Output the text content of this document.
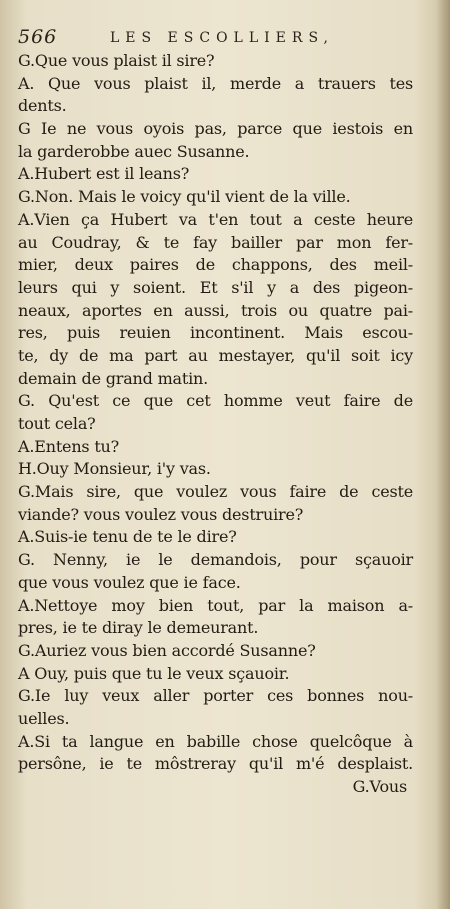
566	LES ESCOLLIERS,
G.Que vous plaist il sire?
A. Que vous plaist il, merde a trauers tes
dents.
G Ie ne vous oyois pas, parce que iestois en
la garderobbe auec Susanne.
A.Hubert est il leans?
G.Non. Mais le voicy qu'il vient de la ville.
A.Vien ça Hubert va t'en tout a ceste heure
au Coudray, & te fay bailler par mon fer-
mier, deux paires de chappons, des meil-
leurs qui y soient. Et s'il y a des pigeon-
neaux, aportes en aussi, trois ou quatre pai-
res, puis reuien incontinent. Mais escou-
te, dy de ma part au mestayer, qu'il soit icy
demain de grand matin.
G. Qu'est ce que cet homme veut faire de
tout cela?
A.Entens tu?
H.Ouy Monsieur, i'y vas.
G.Mais sire, que voulez vous faire de ceste
viande? vous voulez vous destruire?
A.Suis-ie tenu de te le dire?
G. Nenny, ie le demandois, pour sçauoir
que vous voulez que ie face.
A.Nettoye moy bien tout, par la maison a-
pres, ie te diray le demeurant.
G.Auriez vous bien accordé Susanne?
A Ouy, puis que tu le veux sçauoir.
G.Ie luy veux aller porter ces bonnes nou-
uelles.
A.Si ta langue en babille chose quelcôque à
persône, ie te môstreray qu'il m'é desplaist.
G.Vous
